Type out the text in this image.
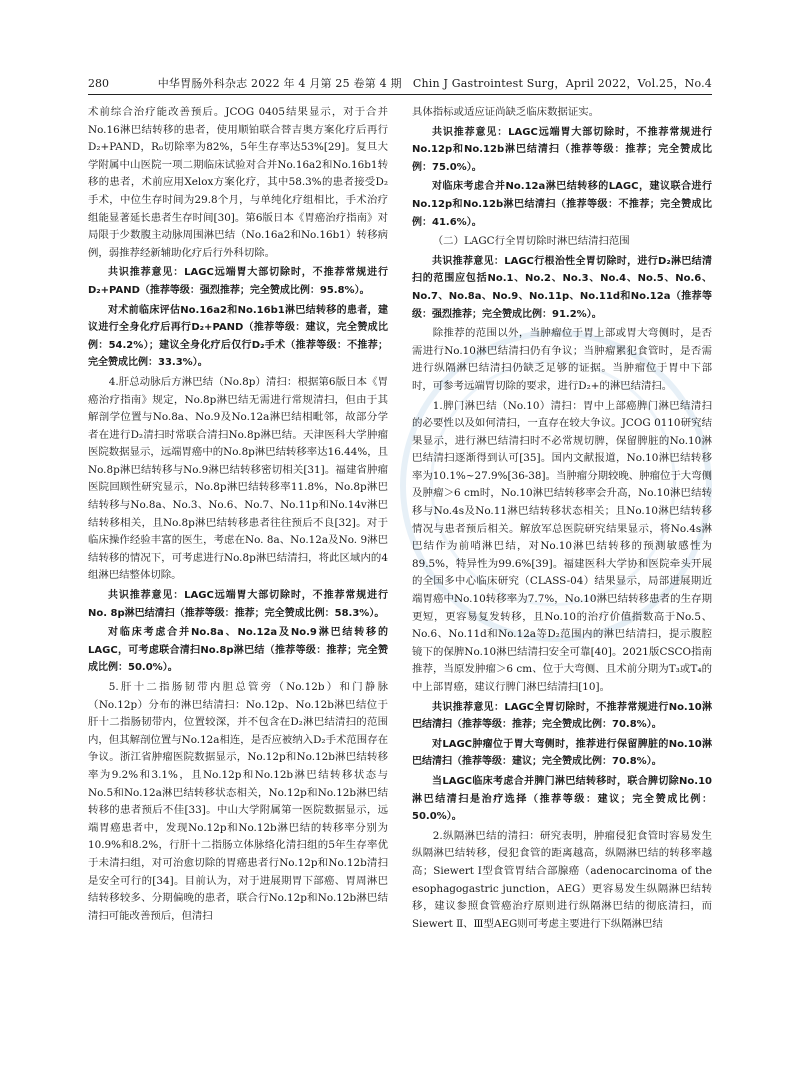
280	中华胃肠外科杂志 2022 年 4 月第 25 卷第 4 期　Chin J Gastrointest Surg，April 2022，Vol.25，No.4

术前综合治疗能改善预后。JCOG 0405结果显示，对于合并No.16淋巴结转移的患者，使用顺铂联合替吉奥方案化疗后再行D₂+PAND，R₀切除率为82%，5年生存率达53%[29]。复旦大学附属中山医院一项二期临床试验对合并No.16a2和No.16b1转移的患者，术前应用Xelox方案化疗，其中58.3%的患者接受D₂手术，中位生存时间为29.8个月，与单纯化疗组相比，手术治疗组能显著延长患者生存时间[30]。第6版日本《胃癌治疗指南》对局限于少数腹主动脉周围淋巴结（No.16a2和No.16b1）转移病例，弱推荐经新辅助化疗后行外科切除。

共识推荐意见：LAGC远端胃大部切除时，不推荐常规进行 D₂+PAND（推荐等级：强烈推荐；完全赞成比例：95.8%）。

对术前临床评估No.16a2和No.16b1淋巴结转移的患者，建议进行全身化疗后再行D₂+PAND（推荐等级：建议，完全赞成比例：54.2%）；建议全身化疗后仅行D₂手术（推荐等级：不推荐；完全赞成比例：33.3%）。

4.肝总动脉后方淋巴结（No.8p）清扫：根据第6版日本《胃癌治疗指南》规定，No.8p淋巴结无需进行常规清扫，但由于其解剖学位置与No.8a、No.9及No.12a淋巴结相毗邻，故部分学者在进行D₂清扫时常联合清扫No.8p淋巴结。天津医科大学肿瘤医院数据显示，远端胃癌中的No.8p淋巴结转移率达16.44%，且No.8p淋巴结转移与No.9淋巴结转移密切相关[31]。福建省肿瘤医院回顾性研究显示，No.8p淋巴结转移率11.8%，No.8p淋巴结转移与No.8a、No.3、No.6、No.7、No.11p和No.14v淋巴结转移相关，且No.8p淋巴结转移患者往往预后不良[32]。对于临床操作经验丰富的医生，考虑在No. 8a、No.12a及No. 9淋巴结转移的情况下，可考虑进行No.8p淋巴结清扫，将此区域内的4组淋巴结整体切除。

共识推荐意见：LAGC远端胃大部切除时，不推荐常规进行 No. 8p淋巴结清扫（推荐等级：推荐；完全赞成比例：58.3%）。

对临床考虑合并No.8a、No.12a及No.9淋巴结转移的LAGC，可考虑联合清扫No.8p淋巴结（推荐等级：推荐；完全赞成比例：50.0%）。

5.肝十二指肠韧带内胆总管旁（No.12b）和门静脉（No.12p）分布的淋巴结清扫：No.12p、No.12b淋巴结位于肝十二指肠韧带内，位置较深，并不包含在D₂淋巴结清扫的范围内，但其解剖位置与No.12a相连，是否应被纳入D₂手术范围存在争议。浙江省肿瘤医院数据显示，No.12p和No.12b淋巴结转移率为9.2%和3.1%，且No.12p和No.12b淋巴结转移状态与No.5和No.12a淋巴结转移状态相关，No.12p和No.12b淋巴结转移的患者预后不佳[33]。中山大学附属第一医院数据显示，远端胃癌患者中，发现No.12p和No.12b淋巴结的转移率分别为10.9%和8.2%，行肝十二指肠立体脉络化清扫组的5年生存率优于未清扫组，对可治愈切除的胃癌患者行No.12p和No.12b清扫是安全可行的[34]。目前认为，对于进展期胃下部癌、胃周淋巴结转移较多、分期偏晚的患者，联合行No.12p和No.12b淋巴结清扫可能改善预后，但清扫

具体指标或适应证尚缺乏临床数据证实。

共识推荐意见：LAGC远端胃大部切除时，不推荐常规进行No.12p和No.12b淋巴结清扫（推荐等级：推荐；完全赞成比例：75.0%）。

对临床考虑合并No.12a淋巴结转移的LAGC，建议联合进行No.12p和No.12b淋巴结清扫（推荐等级：不推荐；完全赞成比例：41.6%）。

（二）LAGC行全胃切除时淋巴结清扫范围

共识推荐意见：LAGC行根治性全胃切除时，进行D₂淋巴结清扫的范围应包括No.1、No.2、No.3、No.4、No.5、No.6、No.7、No.8a、No.9、No.11p、No.11d和No.12a（推荐等级：强烈推荐；完全赞成比例：91.2%）。

除推荐的范围以外，当肿瘤位于胃上部或胃大弯侧时，是否需进行No.10淋巴结清扫仍有争议；当肿瘤累犯食管时，是否需进行纵隔淋巴结清扫仍缺乏足够的证据。当肿瘤位于胃中下部时，可参考远端胃切除的要求，进行D₂+的淋巴结清扫。

1.脾门淋巴结（No.10）清扫：胃中上部癌脾门淋巴结清扫的必要性以及如何清扫，一直存在较大争议。JCOG 0110研究结果显示，进行淋巴结清扫时不必常规切脾，保留脾脏的No.10淋巴结清扫逐渐得到认可[35]。国内文献报道，No.10淋巴结转移率为10.1%~27.9%[36-38]。当肿瘤分期较晚、肿瘤位于大弯侧及肿瘤＞6 cm时，No.10淋巴结转移率会升高，No.10淋巴结转移与No.4s及No.11淋巴结转移状态相关；且No.10淋巴结转移情况与患者预后相关。解放军总医院研究结果显示，将No.4s淋巴结作为前哨淋巴结，对No.10淋巴结转移的预测敏感性为89.5%，特异性为99.6%[39]。福建医科大学协和医院牵头开展的全国多中心临床研究（CLASS-04）结果显示，局部进展期近端胃癌中No.10转移率为7.7%，No.10淋巴结转移患者的生存期更短，更容易复发转移，且No.10的治疗价值指数高于No.5、No.6、No.11d和No.12a等D₂范围内的淋巴结清扫，提示腹腔镜下的保脾No.10淋巴结清扫安全可靠[40]。2021版CSCO指南推荐，当原发肿瘤＞6 cm、位于大弯侧、且术前分期为T₃或T₄的中上部胃癌，建议行脾门淋巴结清扫[10]。

共识推荐意见：LAGC全胃切除时，不推荐常规进行No.10淋巴结清扫（推荐等级：推荐；完全赞成比例：70.8%）。

对LAGC肿瘤位于胃大弯侧时，推荐进行保留脾脏的No.10淋巴结清扫（推荐等级：建议；完全赞成比例：70.8%）。

当LAGC临床考虑合并脾门淋巴结转移时，联合脾切除No.10淋巴结清扫是治疗选择（推荐等级：建议；完全赞成比例：50.0%）。

2.纵隔淋巴结的清扫：研究表明，肿瘤侵犯食管时容易发生纵隔淋巴结转移，侵犯食管的距离越高，纵隔淋巴结的转移率越高；Siewert Ⅰ型食管胃结合部腺癌（adenocarcinoma of the esophagogastric junction，AEG）更容易发生纵隔淋巴结转移，建议参照食管癌治疗原则进行纵隔淋巴结的彻底清扫，而Siewert Ⅱ、Ⅲ型AEG则可考虑主要进行下纵隔淋巴结
